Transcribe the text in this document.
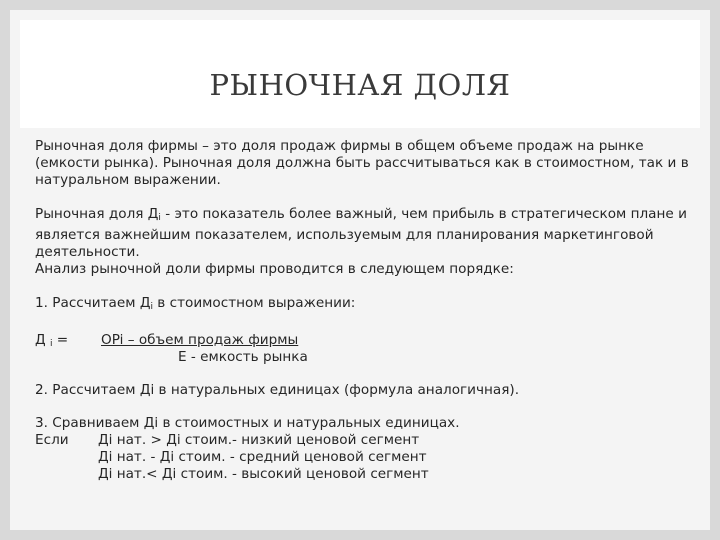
РЫНОЧНАЯ ДОЛЯ

Рыночная доля фирмы – это доля продаж фирмы в общем объеме продаж на рынке (емкости рынка). Рыночная доля должна быть рассчитываться как в стоимостном, так и в натуральном выражении.

Рыночная доля $Д_i$ - это показатель более важный, чем прибыль в стратегическом плане и является важнейшим показателем, используемым для планирования маркетинговой деятельности.

Анализ рыночной доли фирмы проводится в следующем порядке:

1. Рассчитаем $Д_i$ в стоимостном выражении:

Д $_i$ = OPi – объем продаж фирмы
E - емкость рынка

2. Рассчитаем Дi в натуральных единицах (формула аналогичная).

3. Сравниваем Дi в стоимостных и натуральных единицах.

Если Дi нат. > Дi стоим.- низкий ценовой сегмент
Дi нат. - Дi стоим. - средний ценовой сегмент
Дi нат.< Дi стоим. - высокий ценовой сегмент
